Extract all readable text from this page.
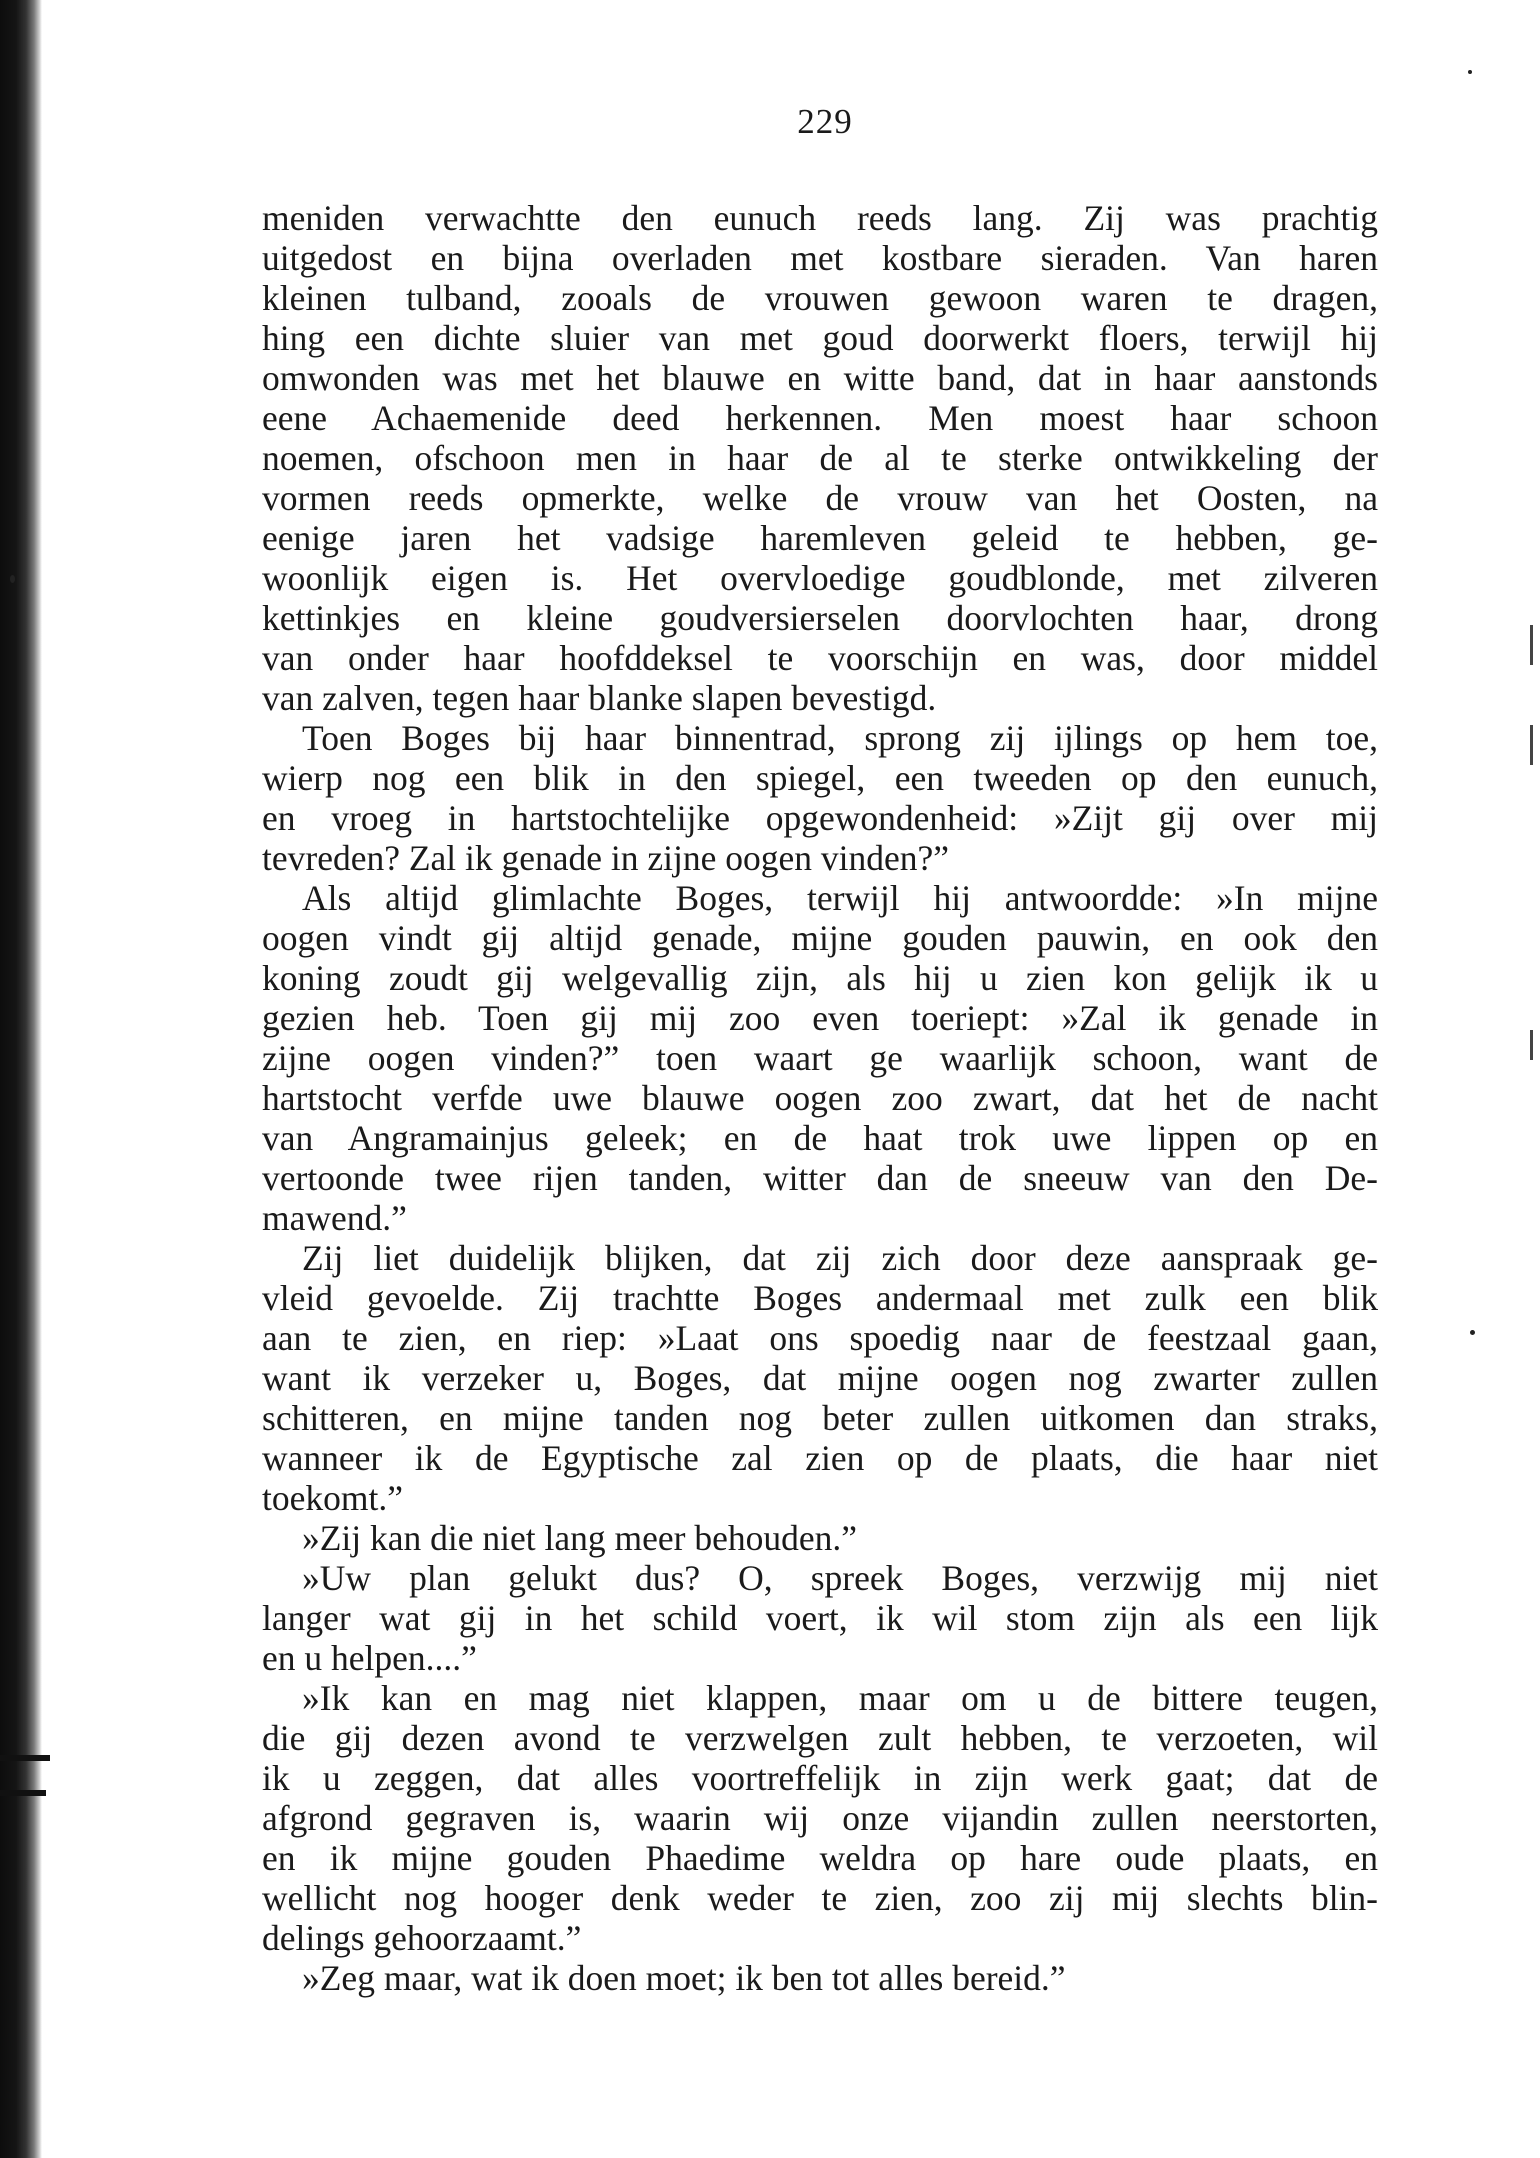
229
meniden verwachtte den eunuch reeds lang. Zij was prachtig
uitgedost en bijna overladen met kostbare sieraden. Van haren
kleinen tulband, zooals de vrouwen gewoon waren te dragen,
hing een dichte sluier van met goud doorwerkt floers, terwijl hij
omwonden was met het blauwe en witte band, dat in haar aanstonds
eene Achaemenide deed herkennen. Men moest haar schoon
noemen, ofschoon men in haar de al te sterke ontwikkeling der
vormen reeds opmerkte, welke de vrouw van het Oosten, na
eenige jaren het vadsige haremleven geleid te hebben, ge-
woonlijk eigen is. Het overvloedige goudblonde, met zilveren
kettinkjes en kleine goudversierselen doorvlochten haar, drong
van onder haar hoofddeksel te voorschijn en was, door middel
van zalven, tegen haar blanke slapen bevestigd.
Toen Boges bij haar binnentrad, sprong zij ijlings op hem toe,
wierp nog een blik in den spiegel, een tweeden op den eunuch,
en vroeg in hartstochtelijke opgewondenheid: »Zijt gij over mij
tevreden? Zal ik genade in zijne oogen vinden?”
Als altijd glimlachte Boges, terwijl hij antwoordde: »In mijne
oogen vindt gij altijd genade, mijne gouden pauwin, en ook den
koning zoudt gij welgevallig zijn, als hij u zien kon gelijk ik u
gezien heb. Toen gij mij zoo even toeriept: »Zal ik genade in
zijne oogen vinden?” toen waart ge waarlijk schoon, want de
hartstocht verfde uwe blauwe oogen zoo zwart, dat het de nacht
van Angramainjus geleek; en de haat trok uwe lippen op en
vertoonde twee rijen tanden, witter dan de sneeuw van den De-
mawend.”
Zij liet duidelijk blijken, dat zij zich door deze aanspraak ge-
vleid gevoelde. Zij trachtte Boges andermaal met zulk een blik
aan te zien, en riep: »Laat ons spoedig naar de feestzaal gaan,
want ik verzeker u, Boges, dat mijne oogen nog zwarter zullen
schitteren, en mijne tanden nog beter zullen uitkomen dan straks,
wanneer ik de Egyptische zal zien op de plaats, die haar niet
toekomt.”
»Zij kan die niet lang meer behouden.”
»Uw plan gelukt dus? O, spreek Boges, verzwijg mij niet
langer wat gij in het schild voert, ik wil stom zijn als een lijk
en u helpen....”
»Ik kan en mag niet klappen, maar om u de bittere teugen,
die gij dezen avond te verzwelgen zult hebben, te verzoeten, wil
ik u zeggen, dat alles voortreffelijk in zijn werk gaat; dat de
afgrond gegraven is, waarin wij onze vijandin zullen neerstorten,
en ik mijne gouden Phaedime weldra op hare oude plaats, en
wellicht nog hooger denk weder te zien, zoo zij mij slechts blin-
delings gehoorzaamt.”
»Zeg maar, wat ik doen moet; ik ben tot alles bereid.”
